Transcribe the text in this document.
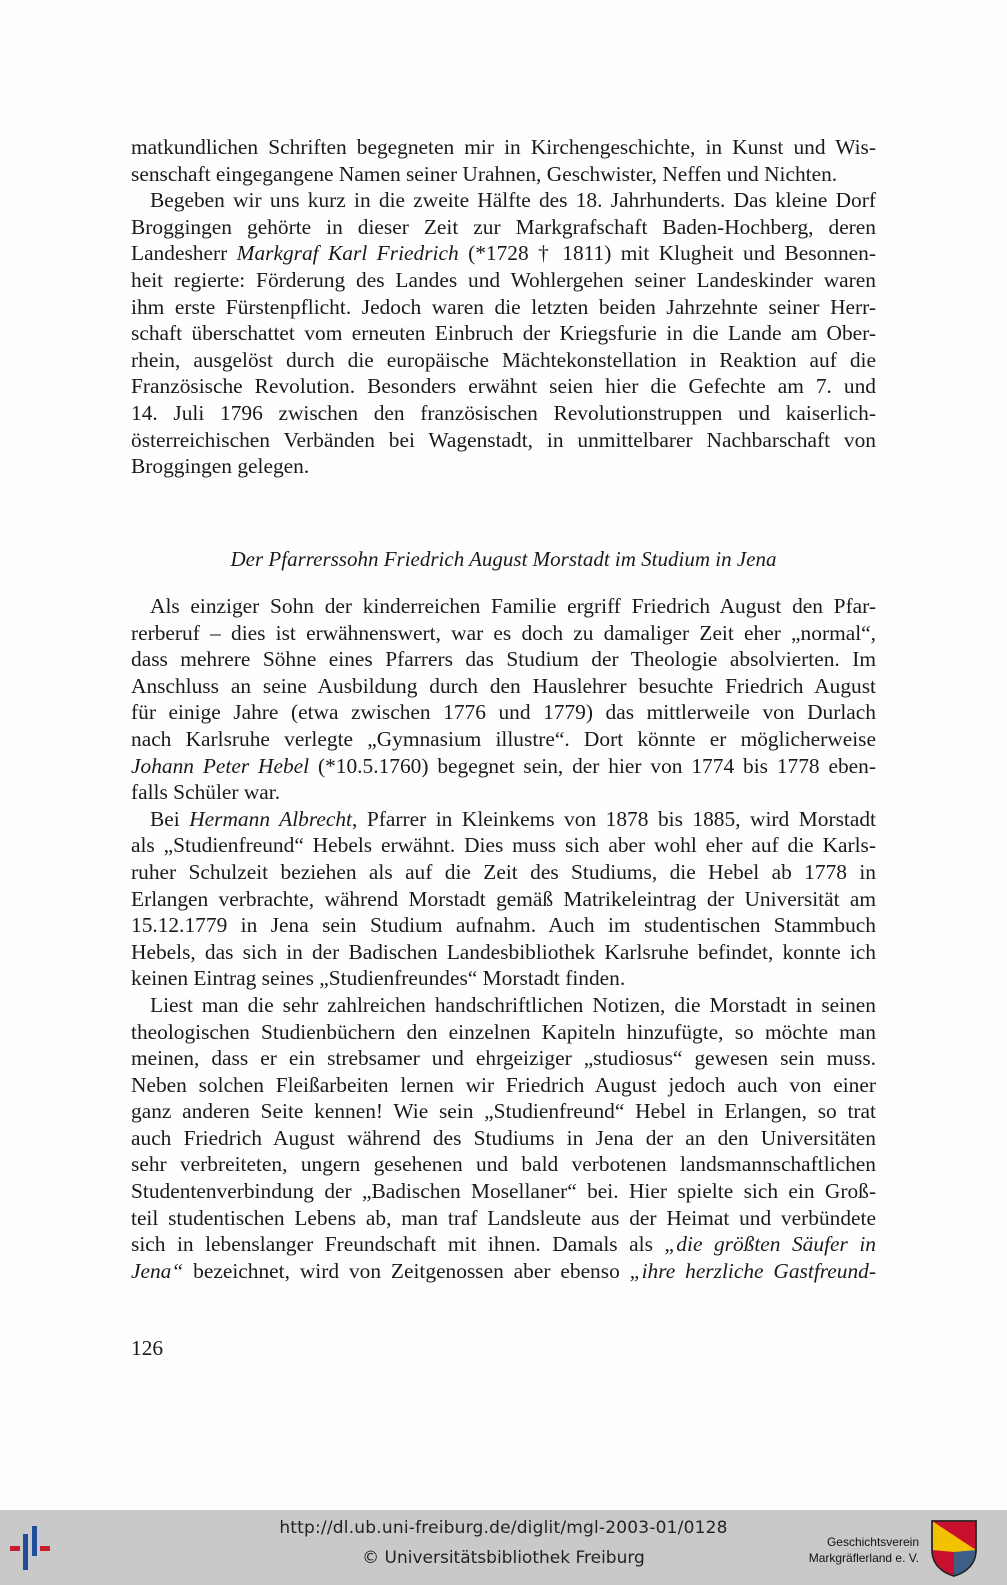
matkundlichen Schriften begegneten mir in Kirchengeschichte, in Kunst und Wis-
senschaft eingegangene Namen seiner Urahnen, Geschwister, Neffen und Nichten.

Begeben wir uns kurz in die zweite Hälfte des 18. Jahrhunderts. Das kleine Dorf
Broggingen gehörte in dieser Zeit zur Markgrafschaft Baden-Hochberg, deren
Landesherr Markgraf Karl Friedrich (*1728 † 1811) mit Klugheit und Besonnen-
heit regierte: Förderung des Landes und Wohlergehen seiner Landeskinder waren
ihm erste Fürstenpflicht. Jedoch waren die letzten beiden Jahrzehnte seiner Herr-
schaft überschattet vom erneuten Einbruch der Kriegsfurie in die Lande am Ober-
rhein, ausgelöst durch die europäische Mächtekonstellation in Reaktion auf die
Französische Revolution. Besonders erwähnt seien hier die Gefechte am 7. und
14. Juli 1796 zwischen den französischen Revolutionstruppen und kaiserlich-
österreichischen Verbänden bei Wagenstadt, in unmittelbarer Nachbarschaft von
Broggingen gelegen.

Der Pfarrerssohn Friedrich August Morstadt im Studium in Jena

Als einziger Sohn der kinderreichen Familie ergriff Friedrich August den Pfar-
rerberuf – dies ist erwähnenswert, war es doch zu damaliger Zeit eher „normal“,
dass mehrere Söhne eines Pfarrers das Studium der Theologie absolvierten. Im
Anschluss an seine Ausbildung durch den Hauslehrer besuchte Friedrich August
für einige Jahre (etwa zwischen 1776 und 1779) das mittlerweile von Durlach
nach Karlsruhe verlegte „Gymnasium illustre“. Dort könnte er möglicherweise
Johann Peter Hebel (*10.5.1760) begegnet sein, der hier von 1774 bis 1778 eben-
falls Schüler war.

Bei Hermann Albrecht, Pfarrer in Kleinkems von 1878 bis 1885, wird Morstadt
als „Studienfreund“ Hebels erwähnt. Dies muss sich aber wohl eher auf die Karls-
ruher Schulzeit beziehen als auf die Zeit des Studiums, die Hebel ab 1778 in
Erlangen verbrachte, während Morstadt gemäß Matrikeleintrag der Universität am
15.12.1779 in Jena sein Studium aufnahm. Auch im studentischen Stammbuch
Hebels, das sich in der Badischen Landesbibliothek Karlsruhe befindet, konnte ich
keinen Eintrag seines „Studienfreundes“ Morstadt finden.

Liest man die sehr zahlreichen handschriftlichen Notizen, die Morstadt in seinen
theologischen Studienbüchern den einzelnen Kapiteln hinzufügte, so möchte man
meinen, dass er ein strebsamer und ehrgeiziger „studiosus“ gewesen sein muss.
Neben solchen Fleißarbeiten lernen wir Friedrich August jedoch auch von einer
ganz anderen Seite kennen! Wie sein „Studienfreund“ Hebel in Erlangen, so trat
auch Friedrich August während des Studiums in Jena der an den Universitäten
sehr verbreiteten, ungern gesehenen und bald verbotenen landsmannschaftlichen
Studentenverbindung der „Badischen Mosellaner“ bei. Hier spielte sich ein Groß-
teil studentischen Lebens ab, man traf Landsleute aus der Heimat und verbündete
sich in lebenslanger Freundschaft mit ihnen. Damals als „die größten Säufer in
Jena“ bezeichnet, wird von Zeitgenossen aber ebenso „ihre herzliche Gastfreund-

126
http://dl.ub.uni-freiburg.de/diglit/mgl-2003-01/0128
© Universitätsbibliothek Freiburg
Geschichtsverein
Markgräflerland e. V.
